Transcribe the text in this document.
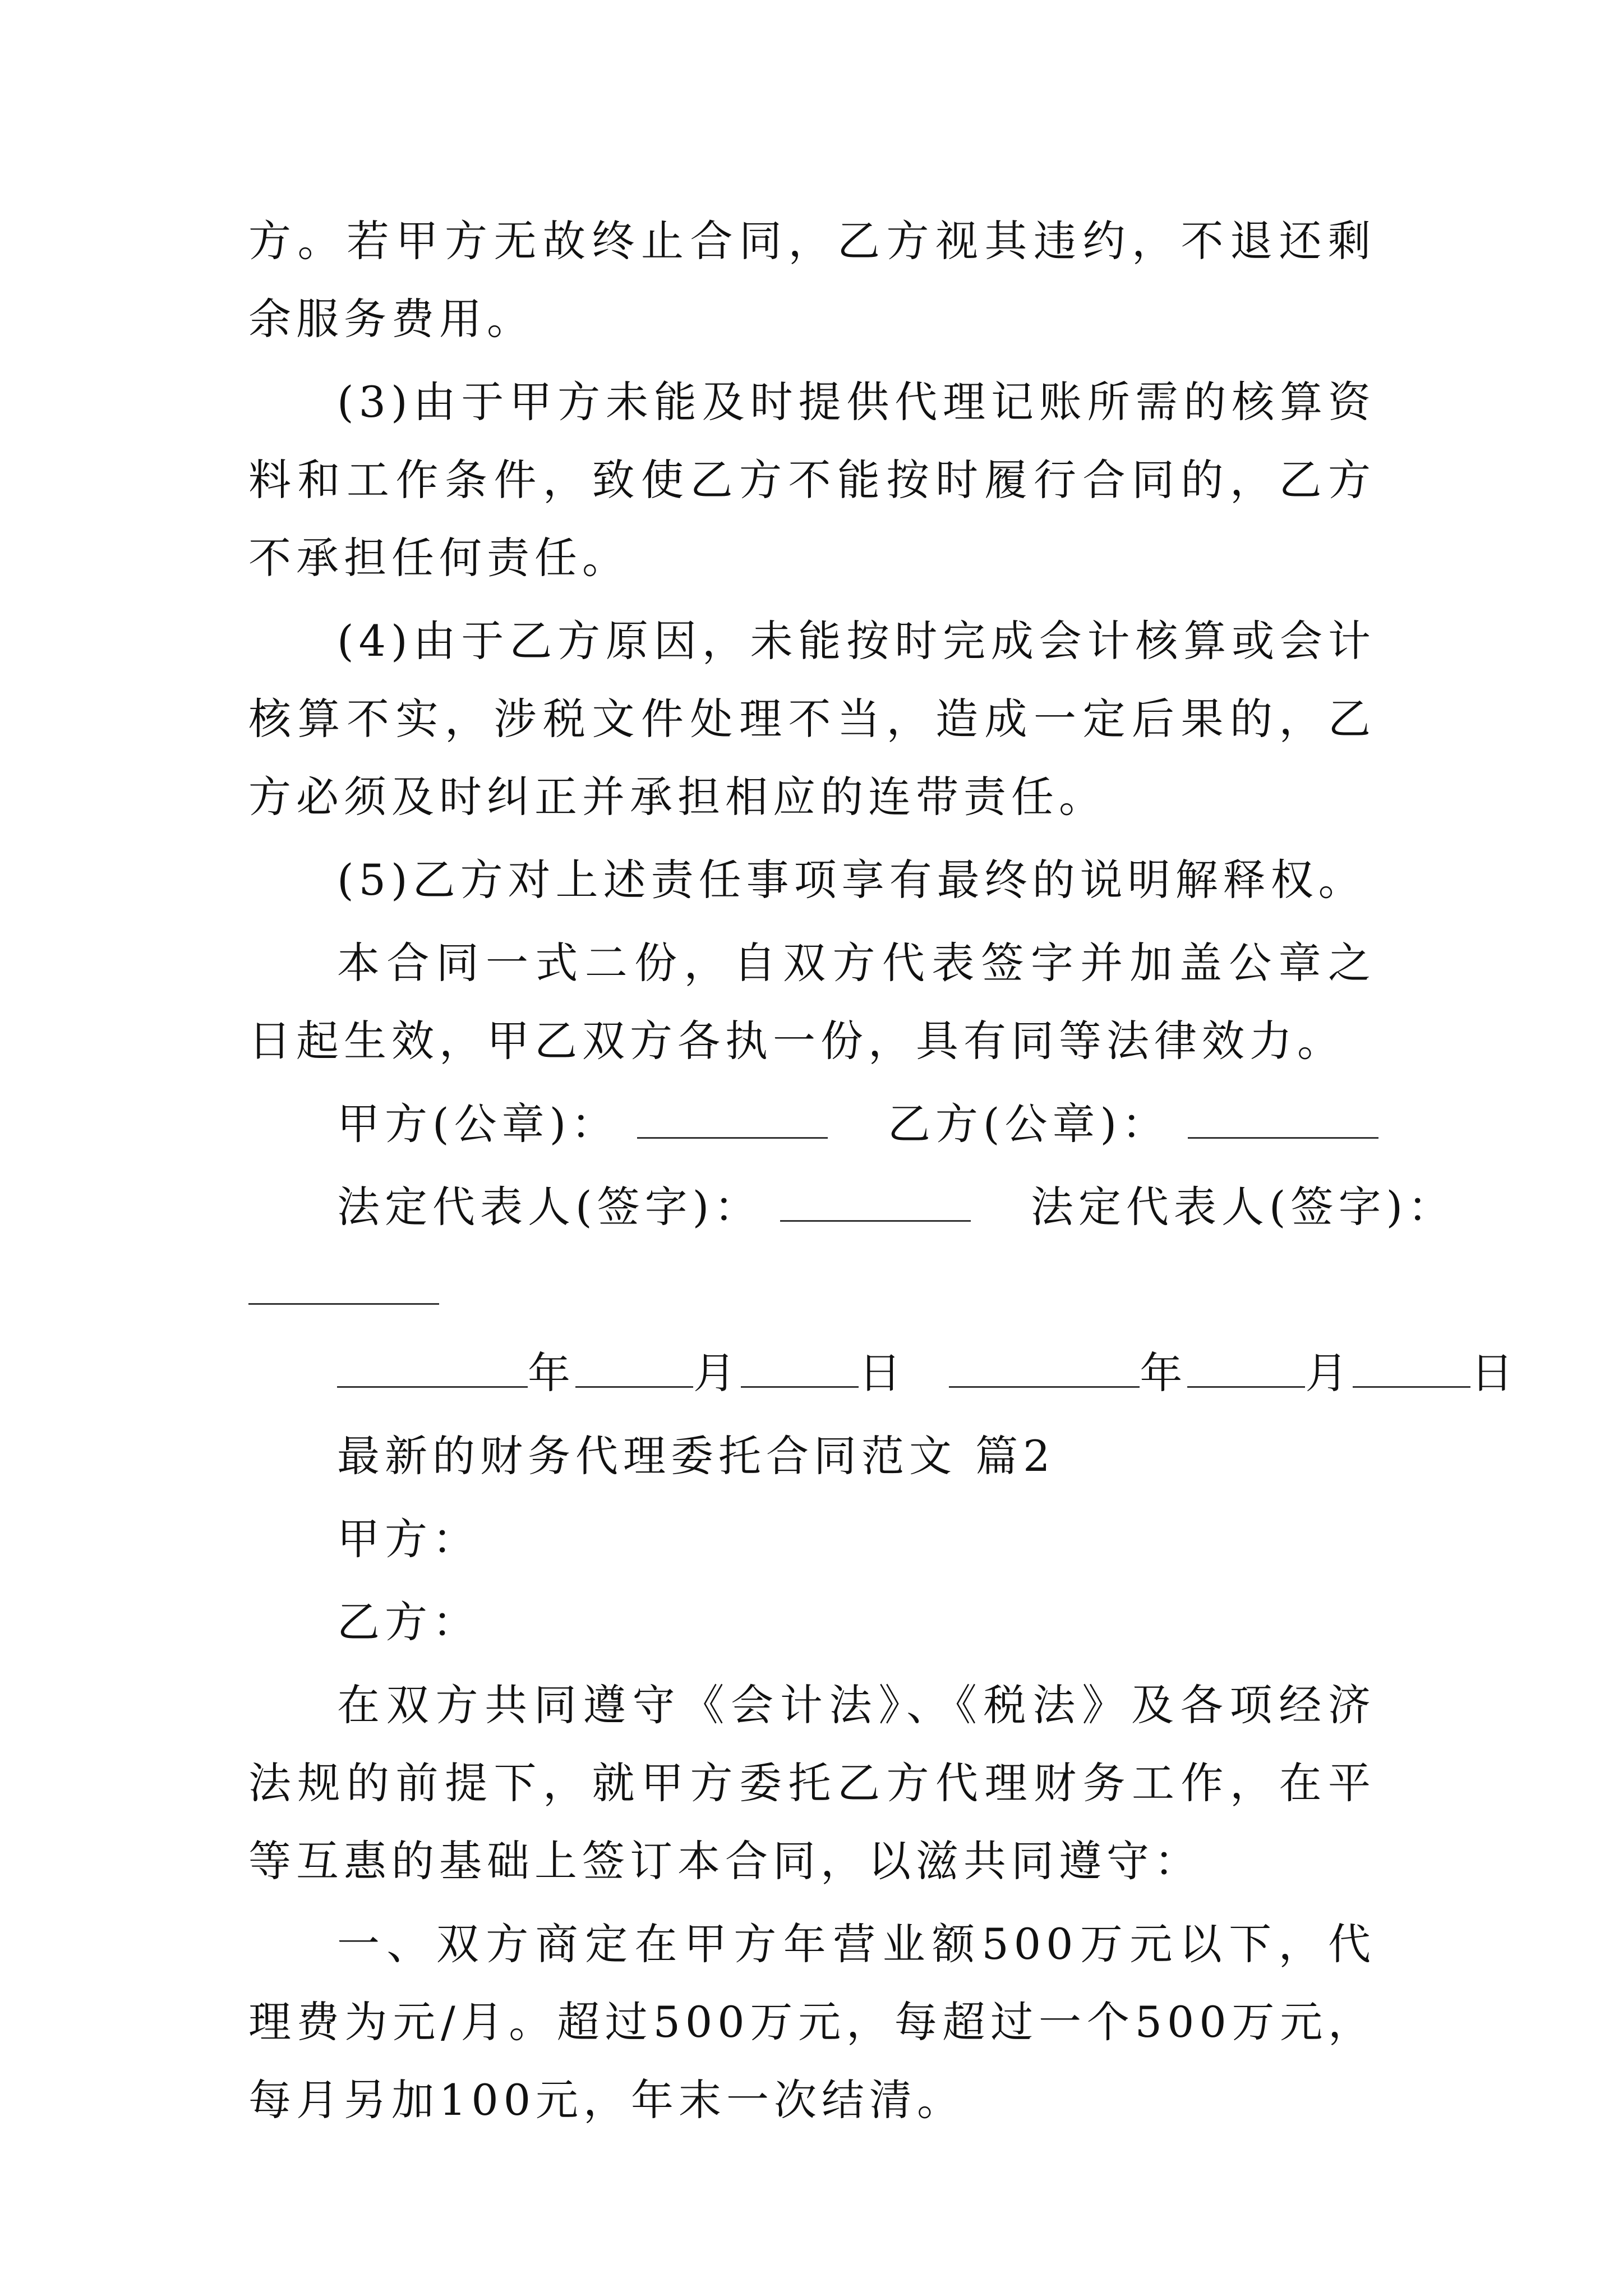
方。若甲方无故终止合同，乙方视其违约，不退还剩余服务费用。

(3)由于甲方未能及时提供代理记账所需的核算资料和工作条件，致使乙方不能按时履行合同的，乙方不承担任何责任。

(4)由于乙方原因，未能按时完成会计核算或会计核算不实，涉税文件处理不当，造成一定后果的，乙方必须及时纠正并承担相应的连带责任。

(5)乙方对上述责任事项享有最终的说明解释权。

本合同一式二份，自双方代表签字并加盖公章之日起生效，甲乙双方各执一份，具有同等法律效力。

甲方(公章)：	乙方(公章)：

法定代表人(签字)：	法定代表人(签字)：

年	月	日	年	月	日

最新的财务代理委托合同范文 篇2

甲方：

乙方：

在双方共同遵守《会计法》、《税法》及各项经济法规的前提下，就甲方委托乙方代理财务工作，在平等互惠的基础上签订本合同，以滋共同遵守：

一、双方商定在甲方年营业额500万元以下，代理费为元/月。超过500万元，每超过一个500万元，每月另加100元，年末一次结清。
